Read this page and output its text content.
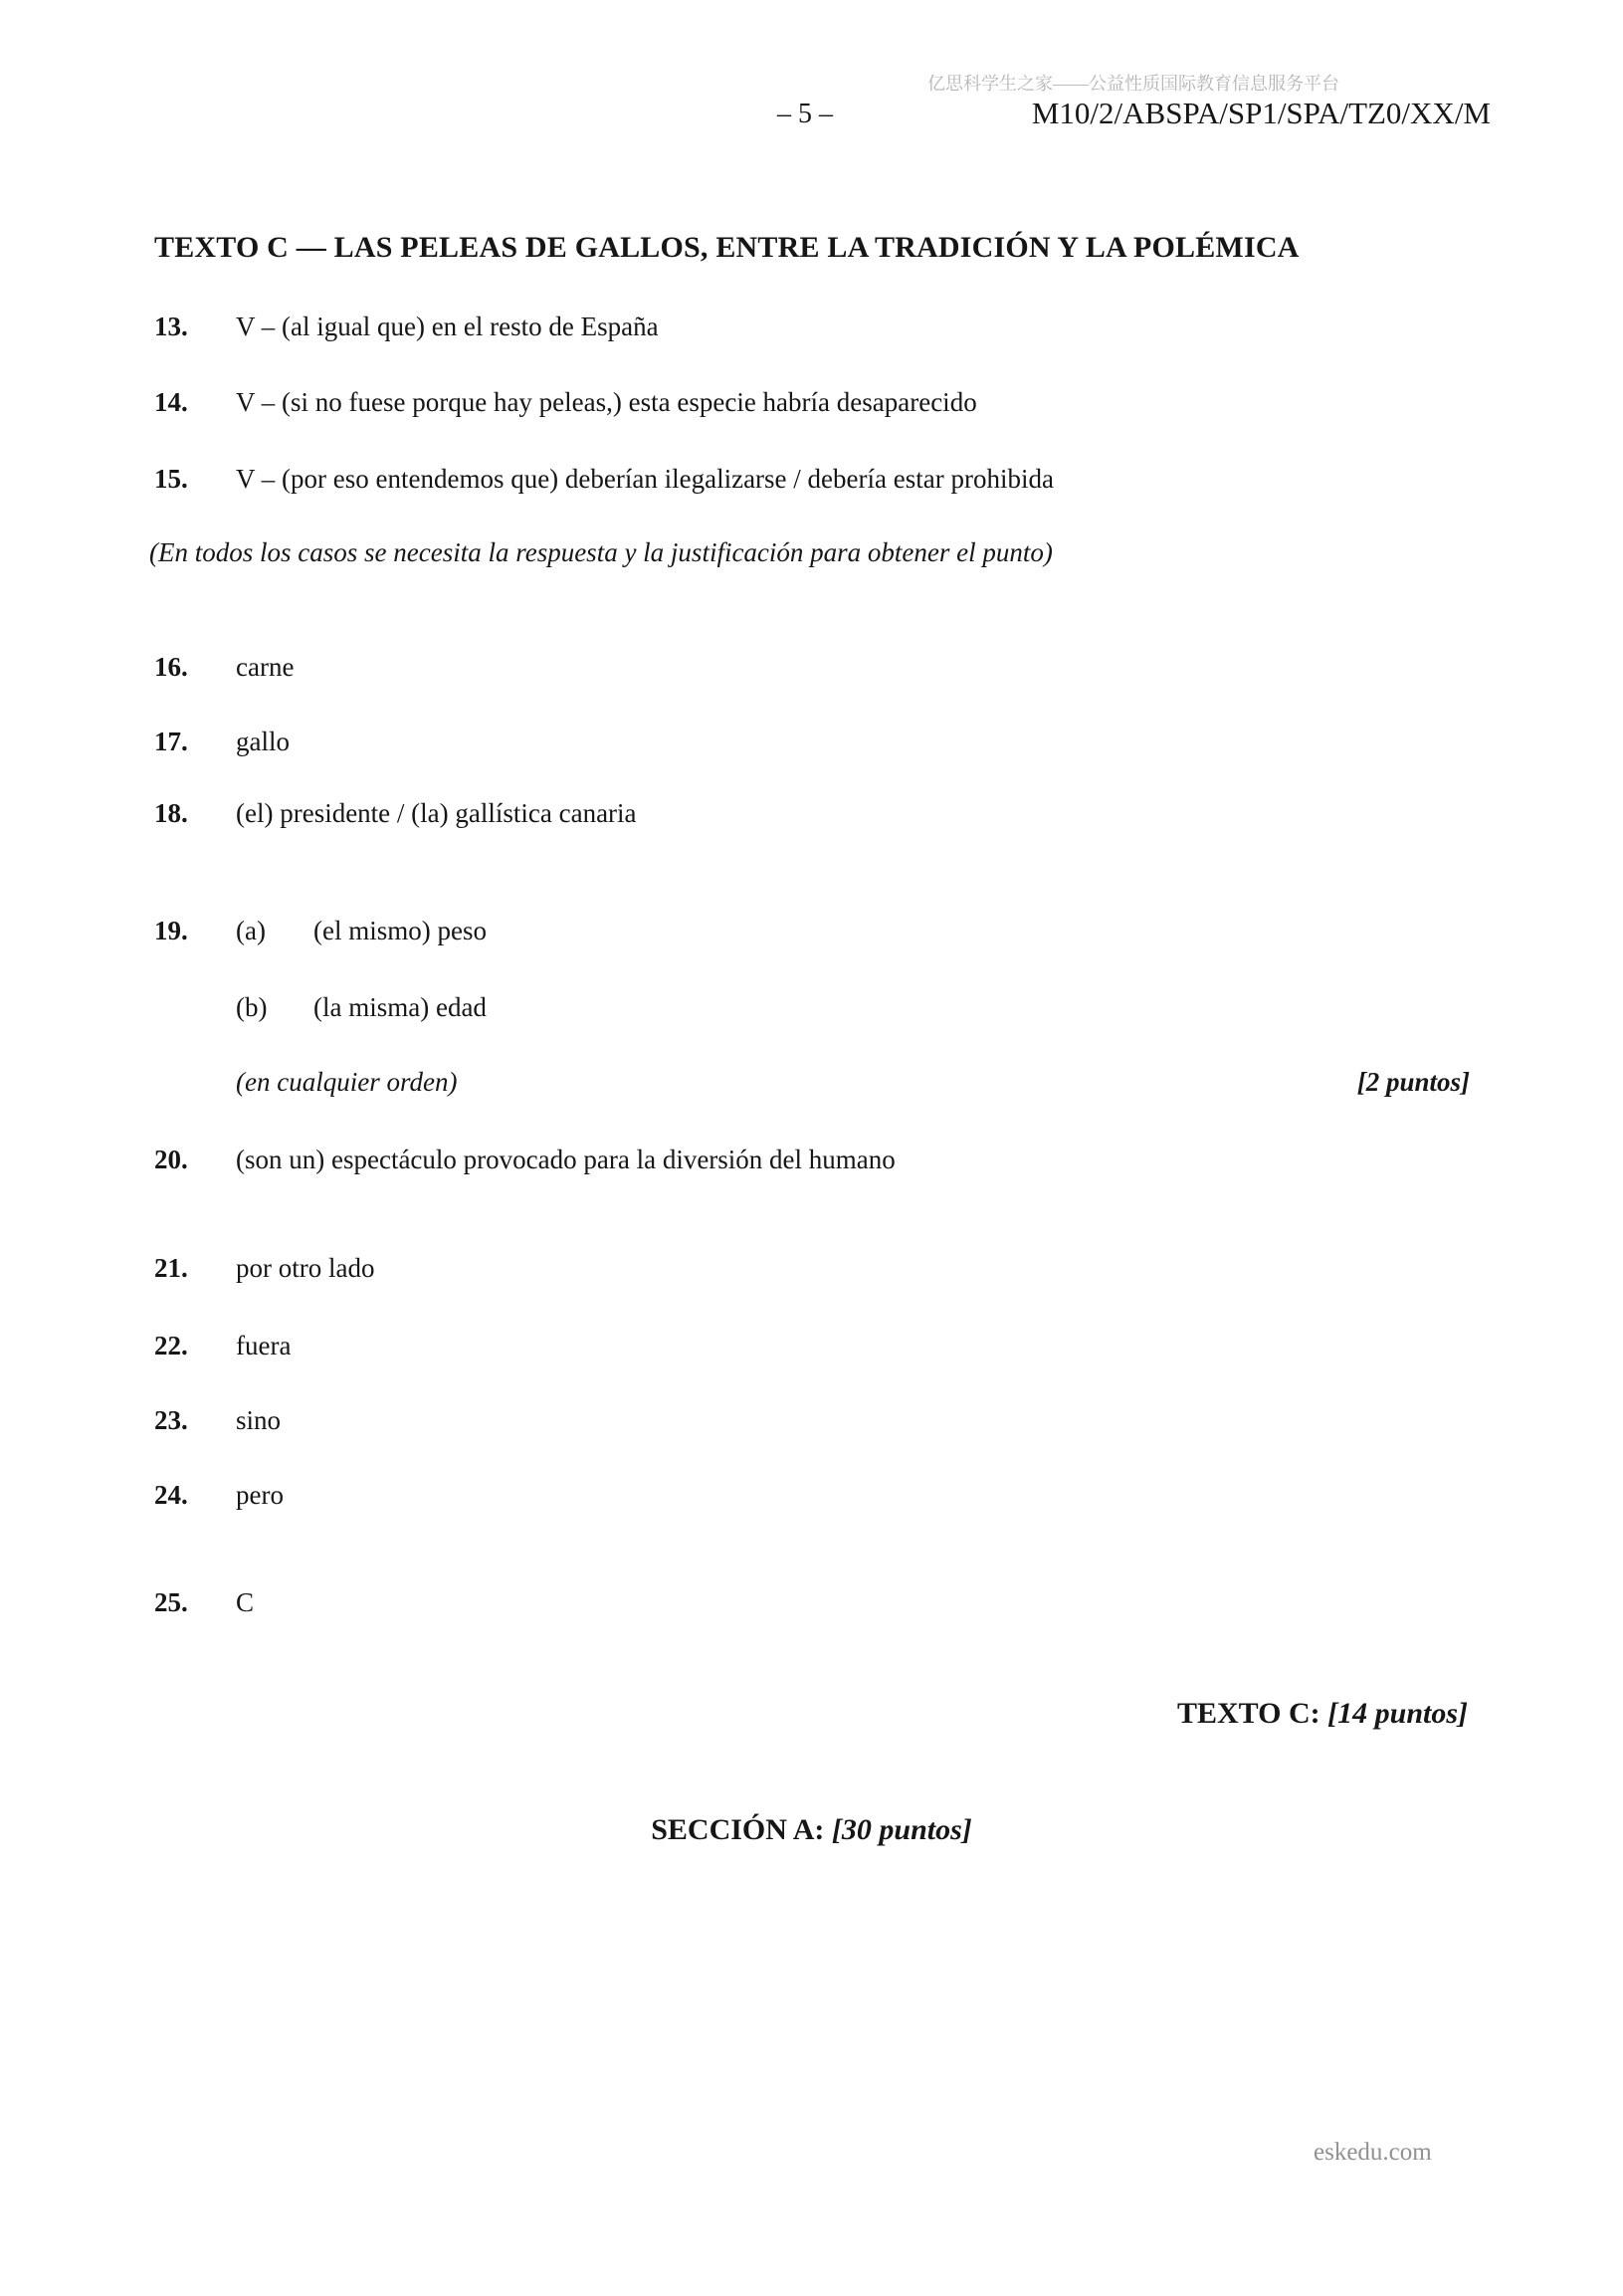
亿思科学生之家——公益性质国际教育信息服务平台
– 5 –	M10/2/ABSPA/SP1/SPA/TZ0/XX/M
TEXTO C — LAS PELEAS DE GALLOS, ENTRE LA TRADICIÓN Y LA POLÉMICA
13. V – (al igual que) en el resto de España
14. V – (si no fuese porque hay peleas,) esta especie habría desaparecido
15. V – (por eso entendemos que) deberían ilegalizarse / debería estar prohibida
(En todos los casos se necesita la respuesta y la justificación para obtener el punto)
16. carne
17. gallo
18. (el) presidente / (la) gallística canaria
19. (a) (el mismo) peso
(b) (la misma) edad
(en cualquier orden)	[2 puntos]
20. (son un) espectáculo provocado para la diversión del humano
21. por otro lado
22. fuera
23. sino
24. pero
25. C
TEXTO C: [14 puntos]
SECCIÓN A: [30 puntos]
eskedu.com
